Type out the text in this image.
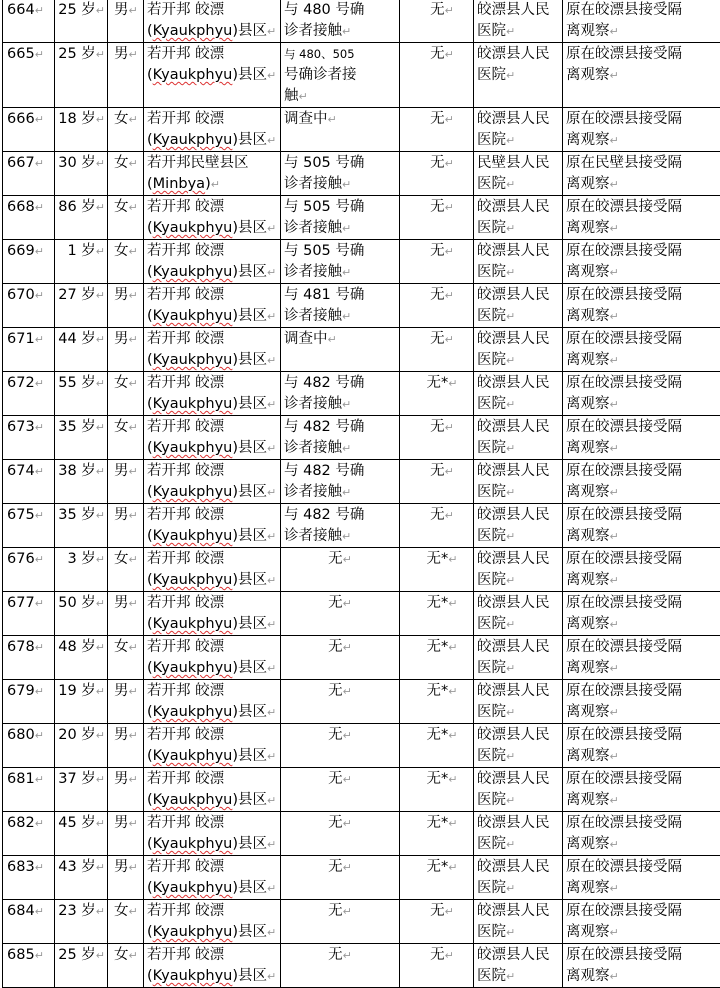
664↵	25 岁↵	男↵	若开邦 皎漂
(Kyaukphyu)县区↵	与 480 号确
诊者接触↵	无↵	皎漂县人民
医院↵	原在皎漂县接受隔
离观察↵
665↵	25 岁↵	男↵	若开邦 皎漂
(Kyaukphyu)县区↵	与 480、505
号确诊者接
触↵	无↵	皎漂县人民
医院↵	原在皎漂县接受隔
离观察↵
666↵	18 岁↵	女↵	若开邦 皎漂
(Kyaukphyu)县区↵	调查中↵	无↵	皎漂县人民
医院↵	原在皎漂县接受隔
离观察↵
667↵	30 岁↵	女↵	若开邦民壁县区
(Minbya)↵	与 505 号确
诊者接触↵	无↵	民壁县人民
医院↵	原在民壁县接受隔
离观察↵
668↵	86 岁↵	女↵	若开邦 皎漂
(Kyaukphyu)县区↵	与 505 号确
诊者接触↵	无↵	皎漂县人民
医院↵	原在皎漂县接受隔
离观察↵
669↵	1 岁↵	女↵	若开邦 皎漂
(Kyaukphyu)县区↵	与 505 号确
诊者接触↵	无↵	皎漂县人民
医院↵	原在皎漂县接受隔
离观察↵
670↵	27 岁↵	男↵	若开邦 皎漂
(Kyaukphyu)县区↵	与 481 号确
诊者接触↵	无↵	皎漂县人民
医院↵	原在皎漂县接受隔
离观察↵
671↵	44 岁↵	男↵	若开邦 皎漂
(Kyaukphyu)县区↵	调查中↵	无↵	皎漂县人民
医院↵	原在皎漂县接受隔
离观察↵
672↵	55 岁↵	女↵	若开邦 皎漂
(Kyaukphyu)县区↵	与 482 号确
诊者接触↵	无*↵	皎漂县人民
医院↵	原在皎漂县接受隔
离观察↵
673↵	35 岁↵	女↵	若开邦 皎漂
(Kyaukphyu)县区↵	与 482 号确
诊者接触↵	无↵	皎漂县人民
医院↵	原在皎漂县接受隔
离观察↵
674↵	38 岁↵	男↵	若开邦 皎漂
(Kyaukphyu)县区↵	与 482 号确
诊者接触↵	无↵	皎漂县人民
医院↵	原在皎漂县接受隔
离观察↵
675↵	35 岁↵	男↵	若开邦 皎漂
(Kyaukphyu)县区↵	与 482 号确
诊者接触↵	无↵	皎漂县人民
医院↵	原在皎漂县接受隔
离观察↵
676↵	3 岁↵	女↵	若开邦 皎漂
(Kyaukphyu)县区↵	无↵	无*↵	皎漂县人民
医院↵	原在皎漂县接受隔
离观察↵
677↵	50 岁↵	男↵	若开邦 皎漂
(Kyaukphyu)县区↵	无↵	无*↵	皎漂县人民
医院↵	原在皎漂县接受隔
离观察↵
678↵	48 岁↵	女↵	若开邦 皎漂
(Kyaukphyu)县区↵	无↵	无*↵	皎漂县人民
医院↵	原在皎漂县接受隔
离观察↵
679↵	19 岁↵	男↵	若开邦 皎漂
(Kyaukphyu)县区↵	无↵	无*↵	皎漂县人民
医院↵	原在皎漂县接受隔
离观察↵
680↵	20 岁↵	男↵	若开邦 皎漂
(Kyaukphyu)县区↵	无↵	无*↵	皎漂县人民
医院↵	原在皎漂县接受隔
离观察↵
681↵	37 岁↵	男↵	若开邦 皎漂
(Kyaukphyu)县区↵	无↵	无*↵	皎漂县人民
医院↵	原在皎漂县接受隔
离观察↵
682↵	45 岁↵	男↵	若开邦 皎漂
(Kyaukphyu)县区↵	无↵	无*↵	皎漂县人民
医院↵	原在皎漂县接受隔
离观察↵
683↵	43 岁↵	男↵	若开邦 皎漂
(Kyaukphyu)县区↵	无↵	无*↵	皎漂县人民
医院↵	原在皎漂县接受隔
离观察↵
684↵	23 岁↵	女↵	若开邦 皎漂
(Kyaukphyu)县区↵	无↵	无↵	皎漂县人民
医院↵	原在皎漂县接受隔
离观察↵
685↵	25 岁↵	女↵	若开邦 皎漂
(Kyaukphyu)县区↵	无↵	无↵	皎漂县人民
医院↵	原在皎漂县接受隔
离观察↵
